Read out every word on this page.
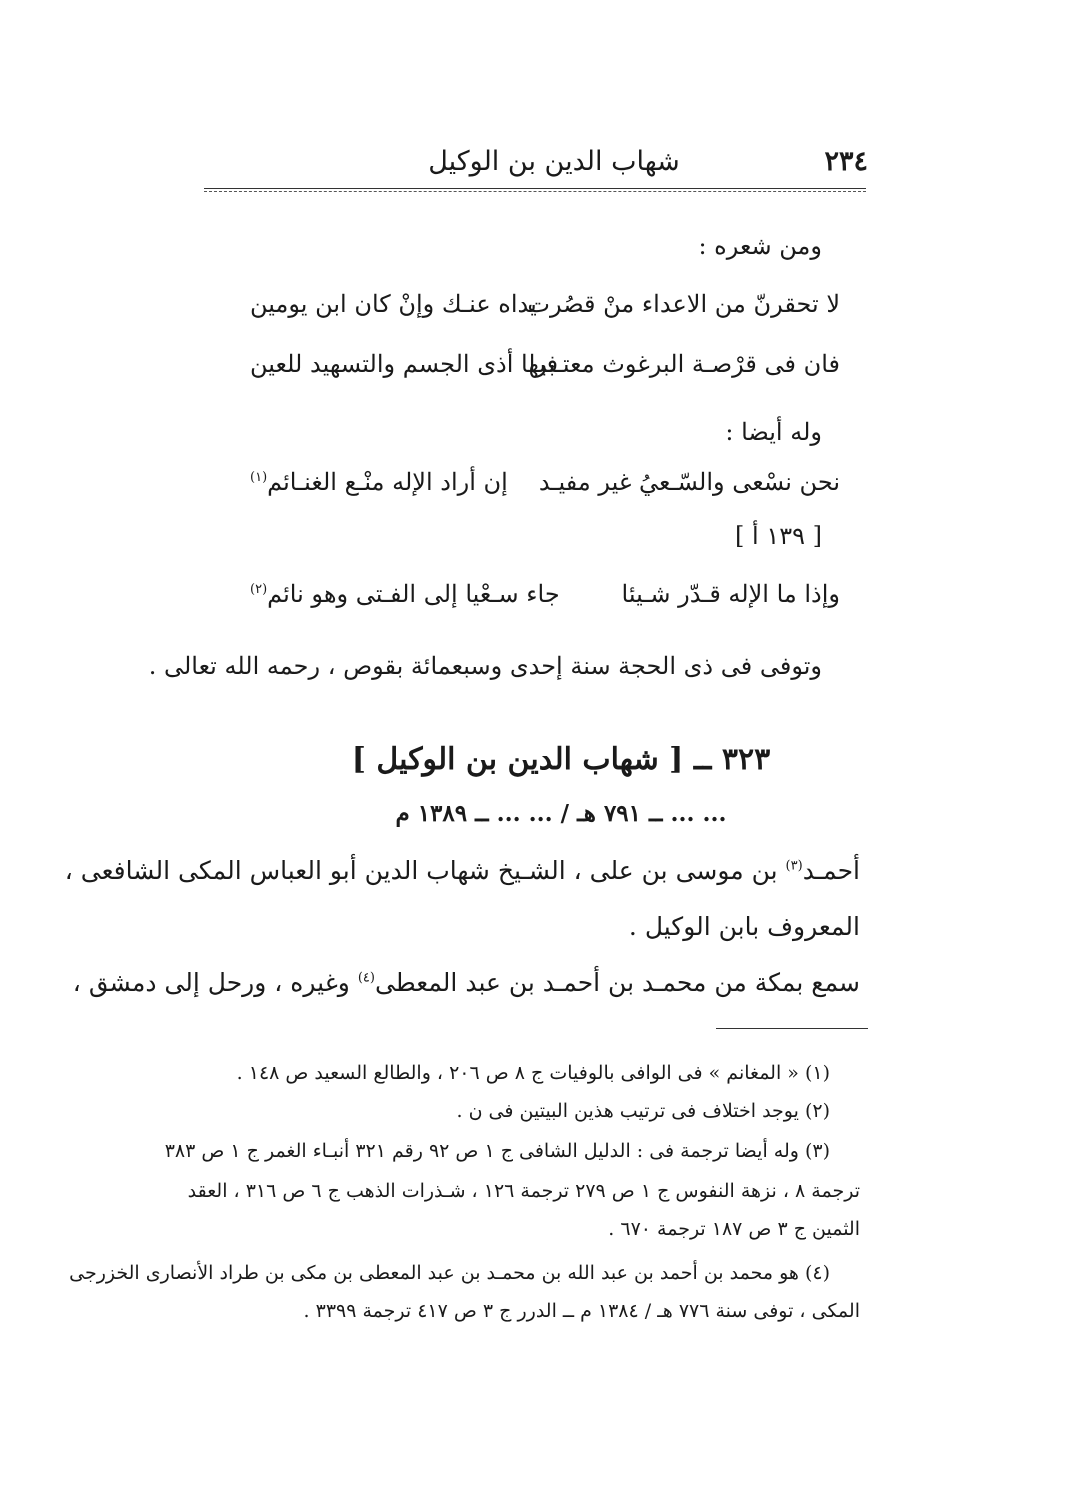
٢٣٤
شهاب الدين بن الوكيل
ومن شعره :
لا تحقرنّ من الاعداء منْ قصُرت
يداه عنـك وإنْ كان ابن يومين
فان فى قرْصـة البرغوث معتـبرا
فيها أذى الجسم والتسهيد للعين
وله أيضا :
نحن نسْعى والسّـعيُ غير مفيـد
إن أراد الإله منْـع الغنـائم$^{(١)}$
[ ١٣٩ أ ]
وإذا ما الإله قـدّر شـيئا
جاء سـعْيا إلى الفـتى وهو نائم$^{(٢)}$
وتوفى فى ذى الحجة سنة إحدى وسبعمائة بقوص ، رحمه الله تعالى .
٣٢٣ ــ [ شهاب الدين بن الوكيل ]
... ... ــ ٧٩١ هـ / ... ... ــ ١٣٨٩ م
أحمـد$^{(٣)}$ بن موسى بن على ، الشـيخ شهاب الدين أبو العباس المكى الشافعى ،
المعروف بابن الوكيل .
سمع بمكة من محمـد بن أحمـد بن عبد المعطى$^{(٤)}$ وغيره ، ورحل إلى دمشق ،
(١) « المغانم » فى الوافى بالوفيات ج ٨ ص ٢٠٦ ، والطالع السعيد ص ١٤٨ .
(٢) يوجد اختلاف فى ترتيب هذين البيتين فى ن .
(٣) وله أيضا ترجمة فى : الدليل الشافى ج ١ ص ٩٢ رقم ٣٢١ أنبـاء الغمر ج ١ ص ٣٨٣
ترجمة ٨ ، نزهة النفوس ج ١ ص ٢٧٩ ترجمة ١٢٦ ، شـذرات الذهب ج ٦ ص ٣١٦ ، العقد
الثمين ج ٣ ص ١٨٧ ترجمة ٦٧٠ .
(٤) هو محمد بن أحمد بن عبد الله بن محمـد بن عبد المعطى بن مكى بن طراد الأنصارى الخزرجى
المكى ، توفى سنة ٧٧٦ هـ / ١٣٨٤ م ــ الدرر ج ٣ ص ٤١٧ ترجمة ٣٣٩٩ .
